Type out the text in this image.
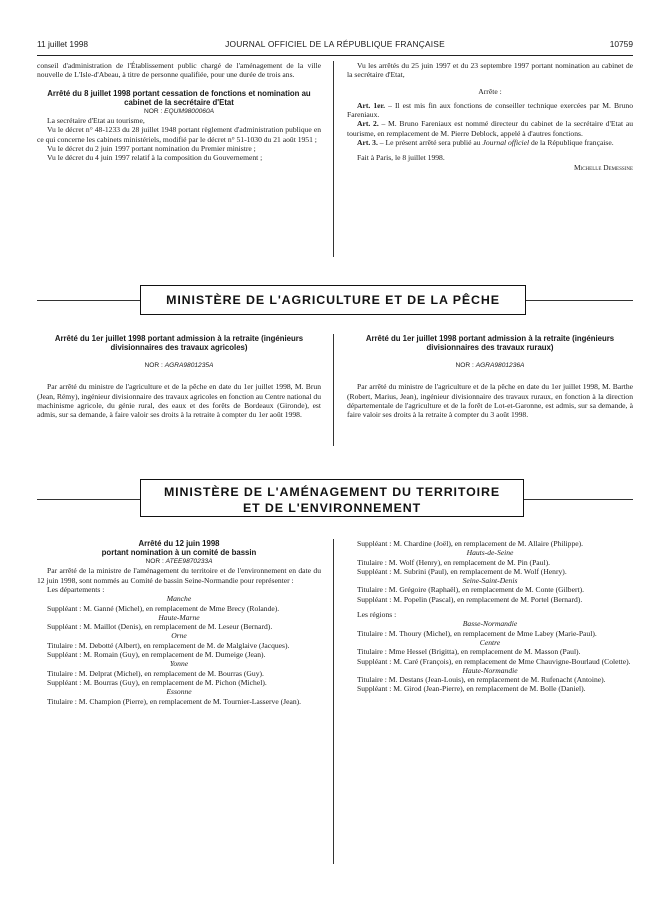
11 juillet 1998	JOURNAL OFFICIEL DE LA RÉPUBLIQUE FRANÇAISE	10759

conseil d'administration de l'Établissement public chargé de l'aménagement de la ville nouvelle de L'Isle-d'Abeau, à titre de personne qualifiée, pour une durée de trois ans.

Arrêté du 8 juillet 1998 portant cessation de fonctions et nomination au cabinet de la secrétaire d'Etat

NOR : EQUM9800060A

La secrétaire d'Etat au tourisme,

Vu le décret n° 48-1233 du 28 juillet 1948 portant règlement d'administration publique en ce qui concerne les cabinets ministériels, modifié par le décret n° 51-1030 du 21 août 1951 ;

Vu le décret du 2 juin 1997 portant nomination du Premier ministre ;

Vu le décret du 4 juin 1997 relatif à la composition du Gouvernement ;

Vu les arrêtés du 25 juin 1997 et du 23 septembre 1997 portant nomination au cabinet de la secrétaire d'Etat,

Arrête :

Art. 1er. – Il est mis fin aux fonctions de conseiller technique exercées par M. Bruno Fareniaux.

Art. 2. – M. Bruno Fareniaux est nommé directeur du cabinet de la secrétaire d'Etat au tourisme, en remplacement de M. Pierre Deblock, appelé à d'autres fonctions.

Art. 3. – Le présent arrêté sera publié au Journal officiel de la République française.

Fait à Paris, le 8 juillet 1998.

Michelle Demessine

MINISTÈRE DE L'AGRICULTURE ET DE LA PÊCHE

Arrêté du 1er juillet 1998 portant admission à la retraite (ingénieurs divisionnaires des travaux agricoles)

NOR : AGRA9801235A

Par arrêté du ministre de l'agriculture et de la pêche en date du 1er juillet 1998, M. Brun (Jean, Rémy), ingénieur divisionnaire des travaux agricoles en fonction au Centre national du machinisme agricole, du génie rural, des eaux et des forêts de Bordeaux (Gironde), est admis, sur sa demande, à faire valoir ses droits à la retraite à compter du 1er août 1998.

Arrêté du 1er juillet 1998 portant admission à la retraite (ingénieurs divisionnaires des travaux ruraux)

NOR : AGRA9801236A

Par arrêté du ministre de l'agriculture et de la pêche en date du 1er juillet 1998, M. Barthe (Robert, Marius, Jean), ingénieur divisionnaire des travaux ruraux, en fonction à la direction départementale de l'agriculture et de la forêt de Lot-et-Garonne, est admis, sur sa demande, à faire valoir ses droits à la retraite à compter du 3 août 1998.

MINISTÈRE DE L'AMÉNAGEMENT DU TERRITOIRE
ET DE L'ENVIRONNEMENT

Arrêté du 12 juin 1998

portant nomination à un comité de bassin

NOR : ATEE9870233A

Par arrêté de la ministre de l'aménagement du territoire et de l'environnement en date du 12 juin 1998, sont nommés au Comité de bassin Seine-Normandie pour représenter :

Les départements :

Manche

Suppléant : M. Ganné (Michel), en remplacement de Mme Brecy (Rolande).

Haute-Marne

Suppléant : M. Maillot (Denis), en remplacement de M. Leseur (Bernard).

Orne

Titulaire : M. Debotté (Albert), en remplacement de M. de Malglaive (Jacques).

Suppléant : M. Romain (Guy), en remplacement de M. Dumeige (Jean).

Yonne

Titulaire : M. Delprat (Michel), en remplacement de M. Bourras (Guy).

Suppléant : M. Bourras (Guy), en remplacement de M. Pichon (Michel).

Essonne

Titulaire : M. Champion (Pierre), en remplacement de M. Tournier-Lasserve (Jean).

Suppléant : M. Chardine (Joël), en remplacement de M. Allaire (Philippe).

Hauts-de-Seine

Titulaire : M. Wolf (Henry), en remplacement de M. Pin (Paul).

Suppléant : M. Subrini (Paul), en remplacement de M. Wolf (Henry).

Seine-Saint-Denis

Titulaire : M. Grégoire (Raphaël), en remplacement de M. Conte (Gilbert).

Suppléant : M. Popelin (Pascal), en remplacement de M. Portel (Bernard).

Les régions :

Basse-Normandie

Titulaire : M. Thoury (Michel), en remplacement de Mme Labey (Marie-Paul).

Centre

Titulaire : Mme Hessel (Brigitta), en remplacement de M. Masson (Paul).

Suppléant : M. Caré (François), en remplacement de Mme Chauvigne-Bourlaud (Colette).

Haute-Normandie

Titulaire : M. Destans (Jean-Louis), en remplacement de M. Rufenacht (Antoine).

Suppléant : M. Girod (Jean-Pierre), en remplacement de M. Bolle (Daniel).
